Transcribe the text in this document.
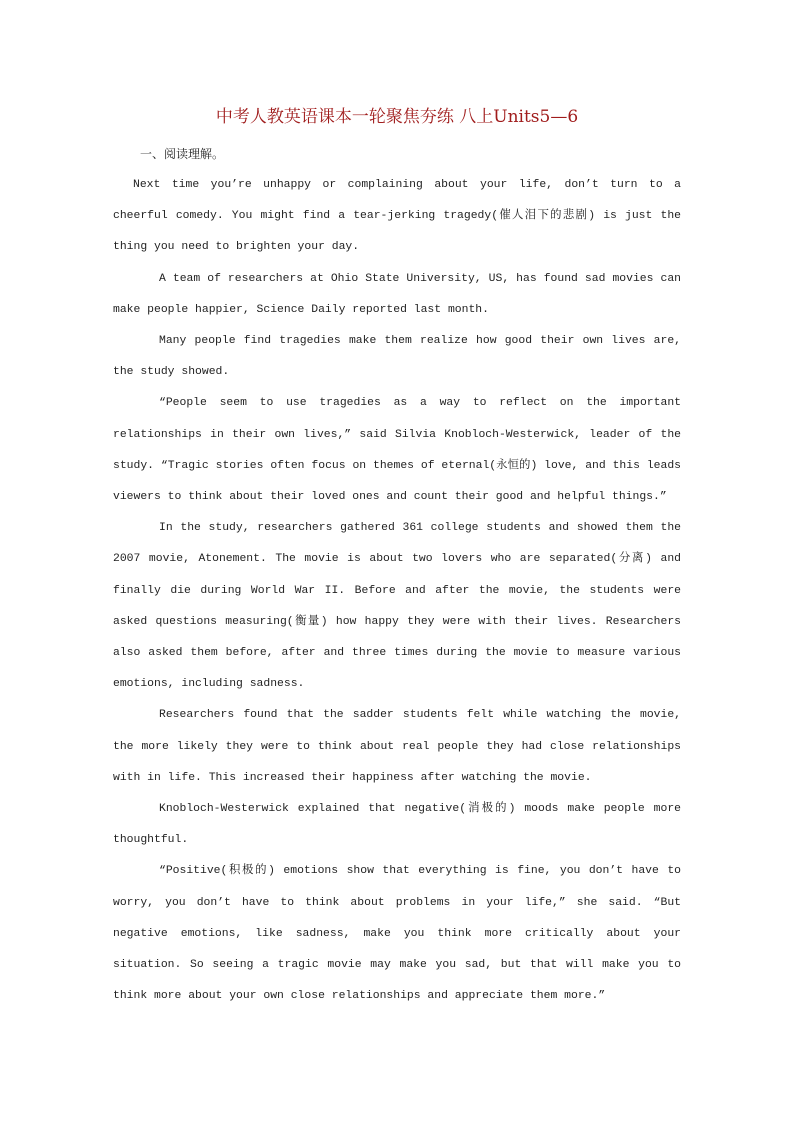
中考人教英语课本一轮聚焦夯练 八上Units5—6
一、阅读理解。

Next time you’re unhappy or complaining about your life, don’t turn to a cheerful comedy. You might find a tear-jerking tragedy(催人泪下的悲剧) is just the thing you need to brighten your day.

A team of researchers at Ohio State University, US, has found sad movies can make people happier, Science Daily reported last month.

Many people find tragedies make them realize how good their own lives are, the study showed.

“People seem to use tragedies as a way to reflect on the important relationships in their own lives,” said Silvia Knobloch-Westerwick, leader of the study. “Tragic stories often focus on themes of eternal(永恒的) love, and this leads viewers to think about their loved ones and count their good and helpful things.”

In the study, researchers gathered 361 college students and showed them the 2007 movie, Atonement. The movie is about two lovers who are separated(分离) and finally die during World War II. Before and after the movie, the students were asked questions measuring(衡量) how happy they were with their lives. Researchers also asked them before, after and three times during the movie to measure various emotions, including sadness.

Researchers found that the sadder students felt while watching the movie, the more likely they were to think about real people they had close relationships with in life. This increased their happiness after watching the movie.

Knobloch-Westerwick explained that negative(消极的) moods make people more thoughtful.

“Positive(积极的) emotions show that everything is fine, you don’t have to worry, you don’t have to think about problems in your life,” she said. “But negative emotions, like sadness, make you think more critically about your situation. So seeing a tragic movie may make you sad, but that will make you to think more about your own close relationships and appreciate them more.”
